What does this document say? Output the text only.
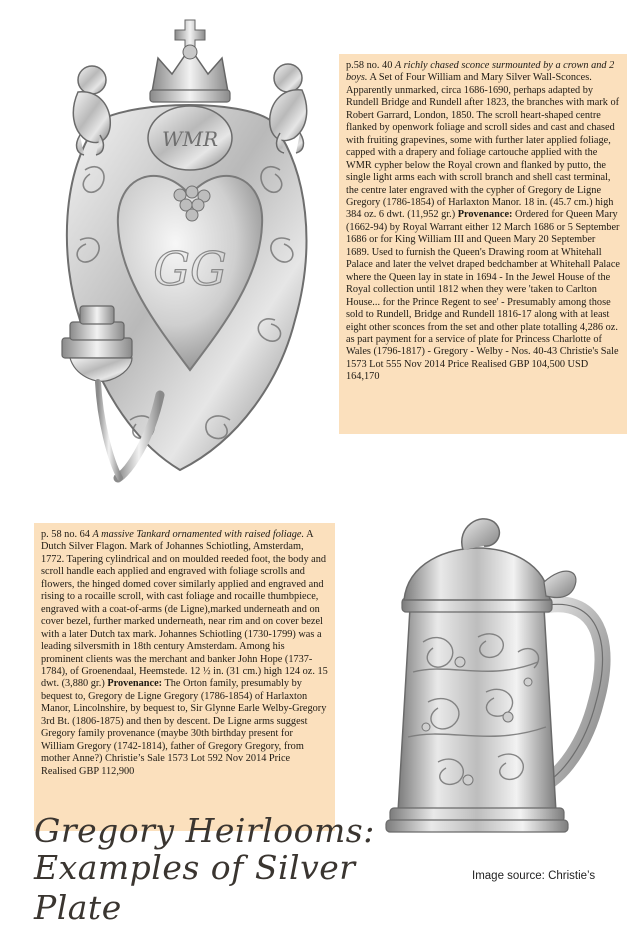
GG
WMR

p.58 no. 40 A richly chased sconce surmounted by a crown and 2 boys. A Set of Four William and Mary Silver Wall-Sconces. Apparently unmarked, circa 1686-1690, perhaps adapted by Rundell Bridge and Rundell after 1823, the branches with mark of Robert Garrard, London, 1850. The scroll heart-shaped centre flanked by openwork foliage and scroll sides and cast and chased with fruiting grapevines, some with further later applied foliage, capped with a drapery and foliage cartouche applied with the WMR cypher below the Royal crown and flanked by putto, the single light arms each with scroll branch and shell cast terminal, the centre later engraved with the cypher of Gregory de Ligne Gregory (1786-1854) of Harlaxton Manor. 18 in. (45.7 cm.) high 384 oz. 6 dwt. (11,952 gr.) Provenance: Ordered for Queen Mary (1662-94) by Royal Warrant either 12 March 1686 or 5 September 1686 or for King William III and Queen Mary 20 September 1689. Used to furnish the Queen's Drawing room at Whitehall Palace and later the velvet draped bedchamber at Whitehall Palace where the Queen lay in state in 1694 - In the Jewel House of the Royal collection until 1812 when they were 'taken to Carlton House... for the Prince Regent to see' - Presumably among those sold to Rundell, Bridge and Rundell 1816-17 along with at least eight other sconces from the set and other plate totalling 4,286 oz. as part payment for a service of plate for Princess Charlotte of Wales (1796-1817) - Gregory - Welby - Nos. 40-43 Christie's Sale 1573 Lot 555 Nov 2014 Price Realised GBP 104,500 USD 164,170

p. 58 no. 64 A massive Tankard ornamented with raised foliage. A Dutch Silver Flagon. Mark of Johannes Schiotling, Amsterdam, 1772. Tapering cylindrical and on moulded reeded foot, the body and scroll handle each applied and engraved with foliage scrolls and flowers, the hinged domed cover similarly applied and engraved and rising to a rocaille scroll, with cast foliage and rocaille thumbpiece, engraved with a coat-of-arms (de Ligne),marked underneath and on cover bezel, further marked underneath, near rim and on cover bezel with a later Dutch tax mark. Johannes Schiotling (1730-1799) was a leading silversmith in 18th century Amsterdam. Among his prominent clients was the merchant and banker John Hope (1737-1784), of Groenendaal, Heemstede. 12 ½ in. (31 cm.) high 124 oz. 15 dwt. (3,880 gr.) Provenance: The Orton family, presumably by bequest to, Gregory de Ligne Gregory (1786-1854) of Harlaxton Manor, Lincolnshire, by bequest to, Sir Glynne Earle Welby-Gregory 3rd Bt. (1806-1875) and then by descent. De Ligne arms suggest Gregory family provenance (maybe 30th birthday present for William Gregory (1742-1814), father of Gregory Gregory, from mother Anne?) Christie’s Sale 1573 Lot 592 Nov 2014 Price Realised GBP 112,900

Gregory Heirlooms:
Examples of Silver Plate
Image source: Christie’s
